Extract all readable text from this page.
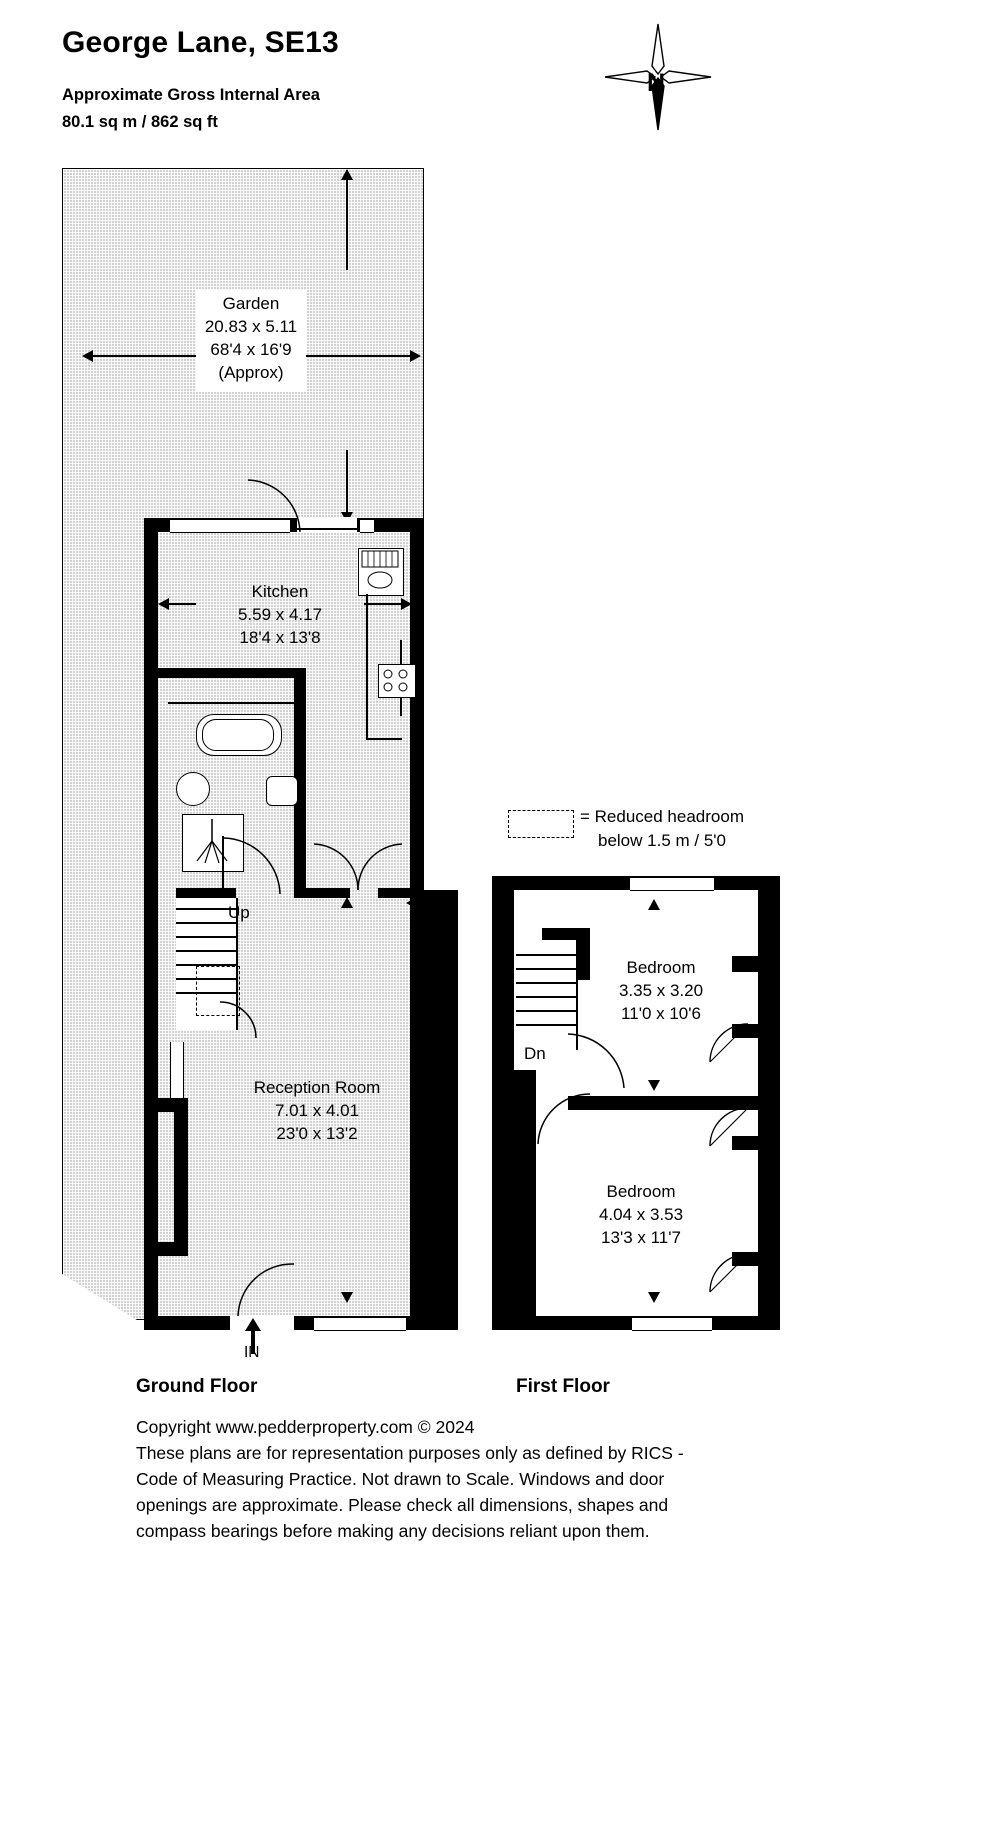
George Lane, SE13
Approximate Gross Internal Area
80.1 sq m / 862 sq ft
N
Garden
20.83 x 5.11
68'4 x 16'9
(Approx)
Kitchen
5.59 x 4.17
18'4 x 13'8
Up
Reception Room
7.01 x 4.01
23'0 x 13'2
IN
Ground Floor
= Reduced headroom
below 1.5 m / 5'0
Dn
Bedroom
3.35 x 3.20
11'0 x 10'6
Bedroom
4.04 x 3.53
13'3 x 11'7
First Floor
Copyright www.pedderproperty.com © 2024
These plans are for representation purposes only as defined by RICS -
Code of Measuring Practice. Not drawn to Scale. Windows and door
openings are approximate. Please check all dimensions, shapes and
compass bearings before making any decisions reliant upon them.
